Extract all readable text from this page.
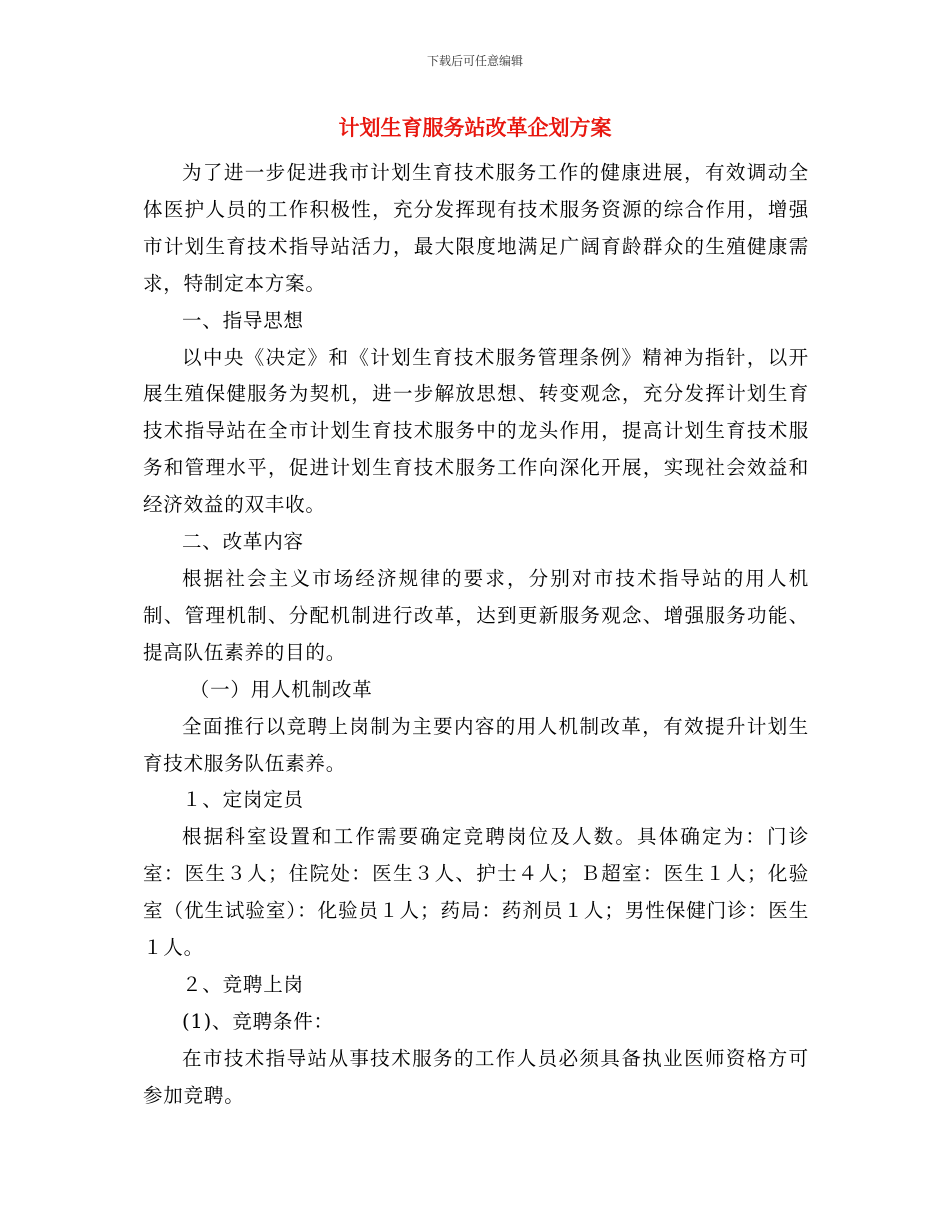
下载后可任意编辑
计划生育服务站改革企划方案

为了进一步促进我市计划生育技术服务工作的健康进展，有效调动全体医护人员的工作积极性，充分发挥现有技术服务资源的综合作用，增强市计划生育技术指导站活力，最大限度地满足广阔育龄群众的生殖健康需求，特制定本方案。

一、指导思想

以中央《决定》和《计划生育技术服务管理条例》精神为指针，以开展生殖保健服务为契机，进一步解放思想、转变观念，充分发挥计划生育技术指导站在全市计划生育技术服务中的龙头作用，提高计划生育技术服务和管理水平，促进计划生育技术服务工作向深化开展，实现社会效益和经济效益的双丰收。

二、改革内容

根据社会主义市场经济规律的要求，分别对市技术指导站的用人机制、管理机制、分配机制进行改革，达到更新服务观念、增强服务功能、提高队伍素养的目的。

（一）用人机制改革

全面推行以竞聘上岗制为主要内容的用人机制改革，有效提升计划生育技术服务队伍素养。

１、定岗定员

根据科室设置和工作需要确定竞聘岗位及人数。具体确定为：门诊室：医生３人；住院处：医生３人、护士４人；Ｂ超室：医生１人；化验室（优生试验室）：化验员１人；药局：药剂员１人；男性保健门诊：医生１人。

２、竞聘上岗

(1)、竞聘条件：

在市技术指导站从事技术服务的工作人员必须具备执业医师资格方可参加竞聘。
